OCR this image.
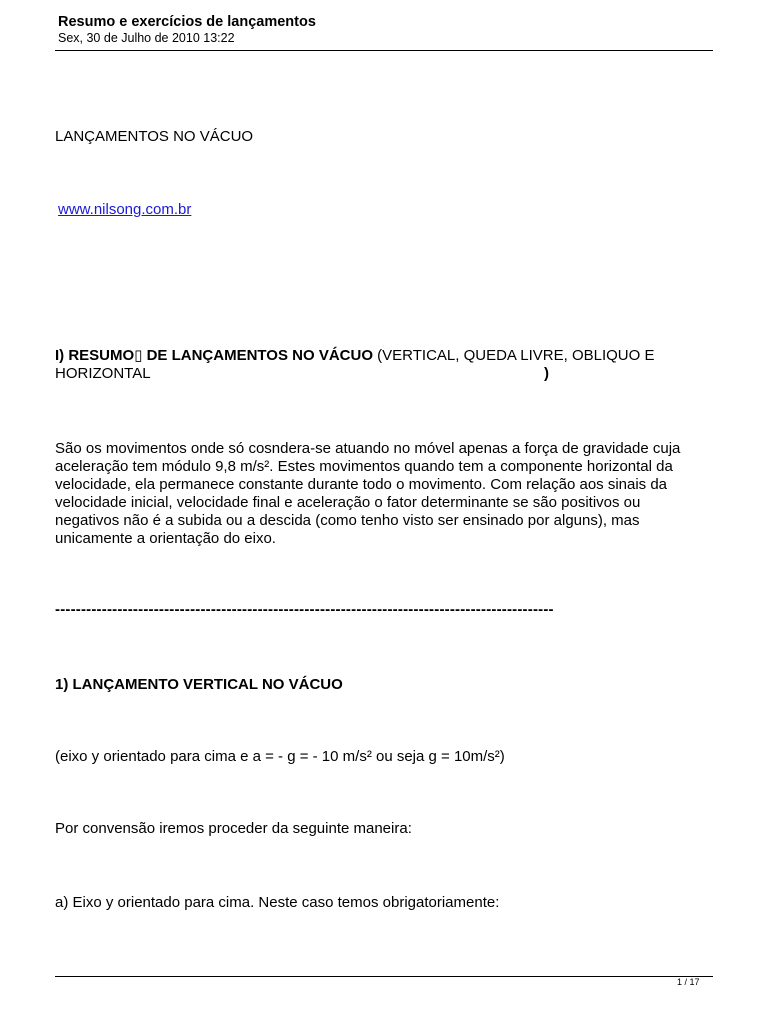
Resumo e exercícios de lançamentos
Sex, 30 de Julho de 2010 13:22
LANÇAMENTOS NO VÁCUO
www.nilsong.com.br
I) RESUMO▯ DE LANÇAMENTOS NO VÁCUO (VERTICAL, QUEDA LIVRE, OBLIQUO E HORIZONTAL	)
São os movimentos onde só cosndera-se atuando no móvel apenas a força de gravidade cuja aceleração tem módulo 9,8 m/s². Estes movimentos quando tem a componente horizontal da velocidade, ela permanece constante durante todo o movimento. Com relação aos sinais da velocidade inicial, velocidade final e aceleração o fator determinante se são positivos ou negativos não é a subida ou a descida (como tenho visto ser ensinado por alguns), mas unicamente a orientação do eixo.
------------------------------------------------------------------------------------------------
1) LANÇAMENTO VERTICAL NO VÁCUO
(eixo y orientado para cima e a = - g = - 10 m/s² ou seja g = 10m/s²)
Por convensão iremos proceder da seguinte maneira:
a) Eixo y orientado para cima. Neste caso temos obrigatoriamente:
1 / 17
